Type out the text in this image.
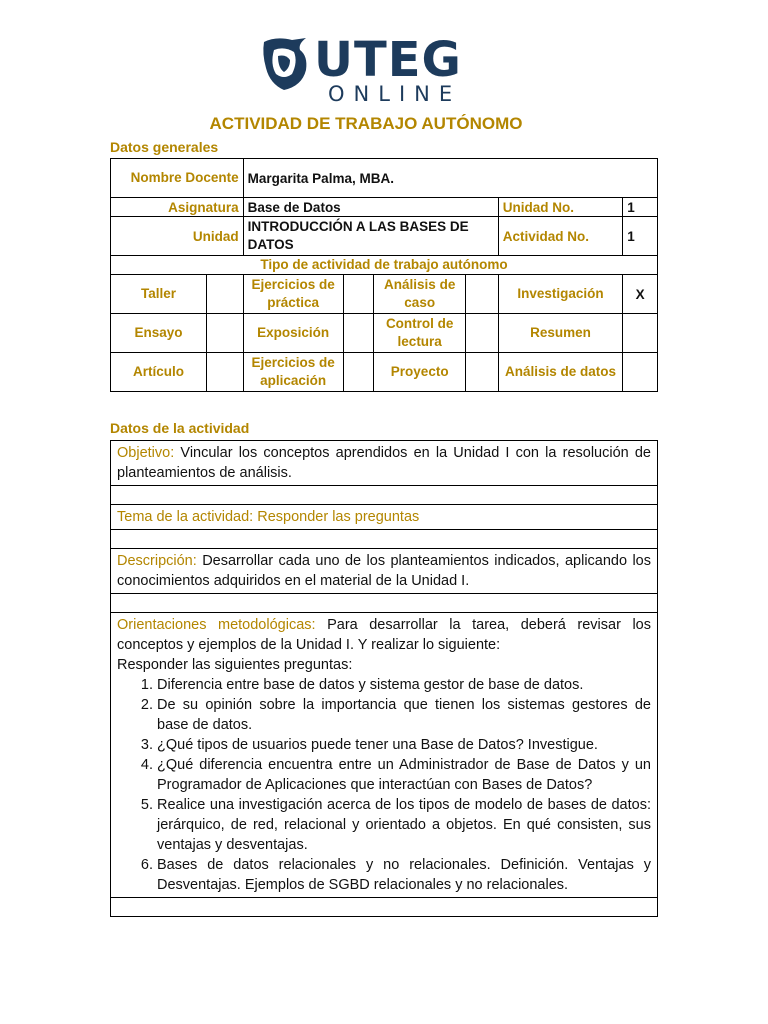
UTEG
ONLINE
ACTIVIDAD DE TRABAJO AUTÓNOMO
Datos generales
Nombre Docente		Margarita Palma, MBA.					
Asignatura		Base de Datos				Unidad No.	1
Unidad		INTRODUCCIÓN A LAS BASES DE DATOS				Actividad No.	1
Tipo de actividad de trabajo autónomo							
Taller		Ejercicios de práctica		Análisis de caso		Investigación	X
Ensayo		Exposición		Control de lectura		Resumen	
Artículo		Ejercicios de aplicación		Proyecto		Análisis de datos	
Datos de la actividad
Objetivo: Vincular los conceptos aprendidos en la Unidad I con la resolución de planteamientos de análisis.

Tema de la actividad: Responder las preguntas

Descripción: Desarrollar cada uno de los planteamientos indicados, aplicando los conocimientos adquiridos en el material de la Unidad I.

Orientaciones metodológicas: Para desarrollar la tarea, deberá revisar los conceptos y ejemplos de la Unidad I. Y realizar lo siguiente:
Responder las siguientes preguntas:
1. Diferencia entre base de datos y sistema gestor de base de datos.
2. De su opinión sobre la importancia que tienen los sistemas gestores de base de datos.
3. ¿Qué tipos de usuarios puede tener una Base de Datos? Investigue.
4. ¿Qué diferencia encuentra entre un Administrador de Base de Datos y un Programador de Aplicaciones que interactúan con Bases de Datos?
5. Realice una investigación acerca de los tipos de modelo de bases de datos: jerárquico, de red, relacional y orientado a objetos. En qué consisten, sus ventajas y desventajas.
6. Bases de datos relacionales y no relacionales. Definición. Ventajas y Desventajas. Ejemplos de SGBD relacionales y no relacionales.
